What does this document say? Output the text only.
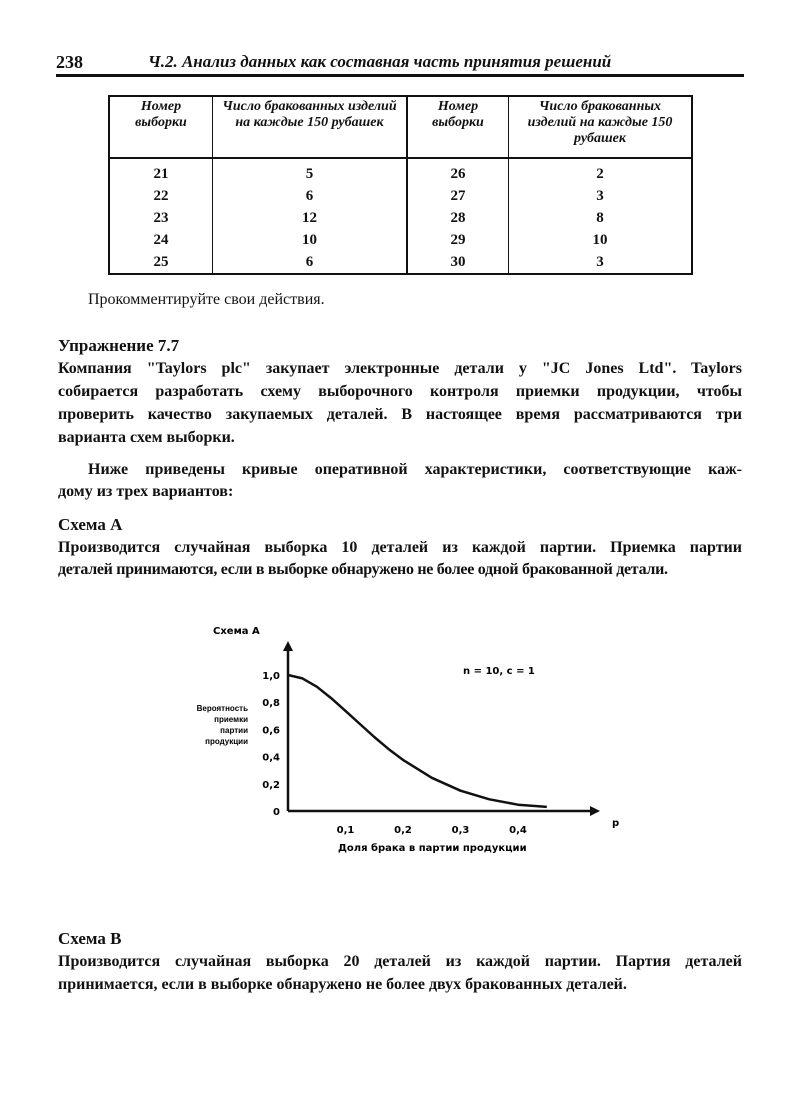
238	Ч.2. Анализ данных как составная часть принятия решений
Номер выборки	Число бракованных изделий на каждые 150 рубашек	Номер выборки	Число бракованных изделий на каждые 150 рубашек
21	5	26	2
22	6	27	3
23	12	28	8
24	10	29	10
25	6	30	3
Прокомментируйте свои действия.
Упражнение 7.7
Компания "Taylors plc" закупает электронные детали у "JC Jones Ltd". Taylors
собирается разработать схему выборочного контроля приемки продукции, чтобы
проверить качество закупаемых деталей. В настоящее время рассматриваются три
варианта схем выборки.
Ниже приведены кривые оперативной характеристики, соответствующие каж-
дому из трех вариантов:
Схема А
Производится случайная выборка 10 деталей из каждой партии. Приемка партии
деталей принимаются, если в выборке обнаружено не более одной бракованной детали.
Схема А
n = 10, c = 1
p
Доля брака в партии продукции
Вероятность
приемки
партии
продукции
0,1	0,2	0,3	0,4
0
0,2
0,4
0,6
0,8
1,0
Схема В
Производится случайная выборка 20 деталей из каждой партии. Партия деталей
принимается, если в выборке обнаружено не более двух бракованных деталей.
